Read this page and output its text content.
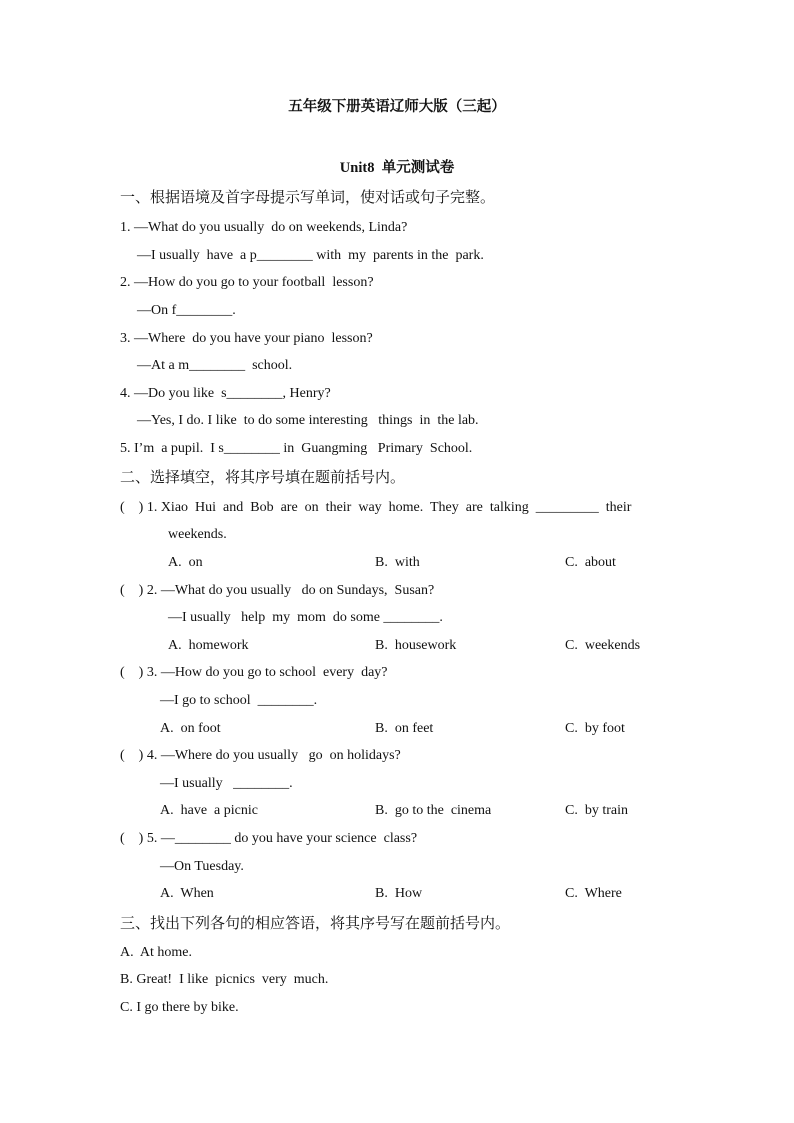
五年级下册英语辽师大版（三起）
Unit8  单元测试卷
一、根据语境及首字母提示写单词，使对话或句子完整。
1. —What do you usually  do on weekends, Linda?
—I usually  have  a p________ with  my  parents in the  park.
2. —How do you go to your football  lesson?
—On f________.
3. —Where  do you have your piano  lesson?
—At a m________  school.
4. —Do you like  s________, Henry?
—Yes, I do. I like  to do some interesting   things  in  the lab.
5. I’m  a pupil.  I s________ in  Guangming   Primary  School.
二、选择填空，将其序号填在题前括号内。
(    ) 1. Xiao  Hui  and  Bob  are  on  their  way  home.  They  are  talking  _________  their
weekends.
A.  on	B.  with	C.  about
(    ) 2. —What do you usually   do on Sundays,  Susan?
—I usually   help  my  mom  do some ________.
A.  homework	B.  housework	C.  weekends
(    ) 3. —How do you go to school  every  day?
—I go to school  ________.
A.  on foot	B.  on feet	C.  by foot
(    ) 4. —Where do you usually   go  on holidays?
—I usually   ________.
A.  have  a picnic	B.  go to the  cinema	C.  by train
(    ) 5. —________ do you have your science  class?
—On Tuesday.
A.  When	B.  How	C.  Where
三、找出下列各句的相应答语，将其序号写在题前括号内。
A.  At home.
B. Great!  I like  picnics  very  much.
C. I go there by bike.
